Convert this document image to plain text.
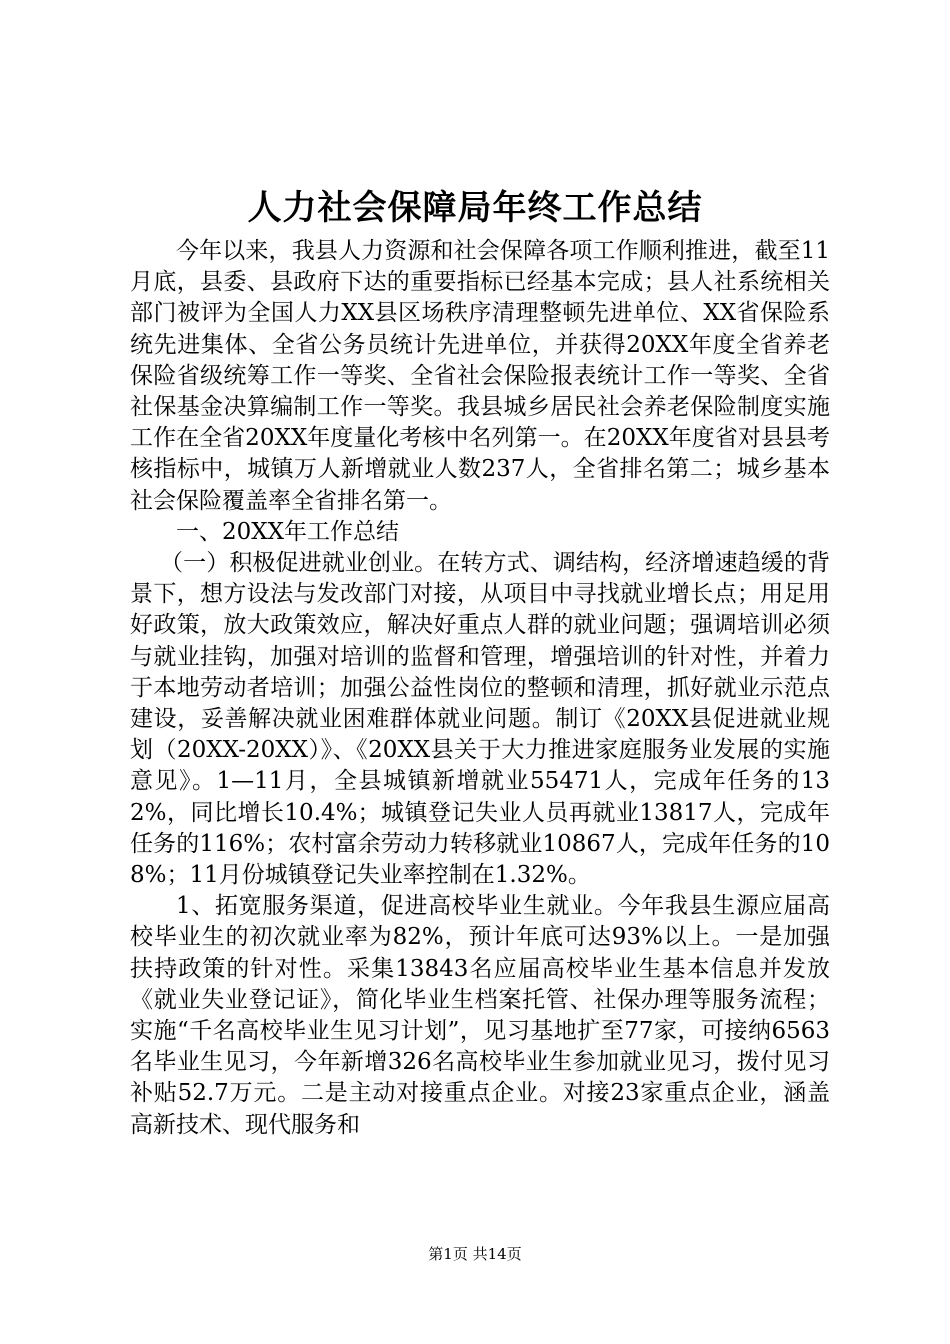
人力社会保障局年终工作总结

今年以来，我县人力资源和社会保障各项工作顺利推进，截至11月底，县委、县政府下达的重要指标已经基本完成；县人社系统相关部门被评为全国人力XX县区场秩序清理整顿先进单位、XX省保险系统先进集体、全省公务员统计先进单位，并获得20XX年度全省养老保险省级统筹工作一等奖、全省社会保险报表统计工作一等奖、全省社保基金决算编制工作一等奖。我县城乡居民社会养老保险制度实施工作在全省20XX年度量化考核中名列第一。在20XX年度省对县县考核指标中，城镇万人新增就业人数237人，全省排名第二；城乡基本社会保险覆盖率全省排名第一。

一、20XX年工作总结

（一）积极促进就业创业。在转方式、调结构，经济增速趋缓的背景下，想方设法与发改部门对接，从项目中寻找就业增长点；用足用好政策，放大政策效应，解决好重点人群的就业问题；强调培训必须与就业挂钩，加强对培训的监督和管理，增强培训的针对性，并着力于本地劳动者培训；加强公益性岗位的整顿和清理，抓好就业示范点建设，妥善解决就业困难群体就业问题。制订《20XX县促进就业规划（20XX-20XX）》、《20XX县关于大力推进家庭服务业发展的实施意见》。1—11月，全县城镇新增就业55471人，完成年任务的132%，同比增长10.4%；城镇登记失业人员再就业13817人，完成年任务的116%；农村富余劳动力转移就业10867人，完成年任务的108%；11月份城镇登记失业率控制在1.32%。

1、拓宽服务渠道，促进高校毕业生就业。今年我县生源应届高校毕业生的初次就业率为82%，预计年底可达93%以上。一是加强扶持政策的针对性。采集13843名应届高校毕业生基本信息并发放《就业失业登记证》，简化毕业生档案托管、社保办理等服务流程；实施“千名高校毕业生见习计划”，见习基地扩至77家，可接纳6563名毕业生见习，今年新增326名高校毕业生参加就业见习，拨付见习补贴52.7万元。二是主动对接重点企业。对接23家重点企业，涵盖高新技术、现代服务和

第1页 共14页
